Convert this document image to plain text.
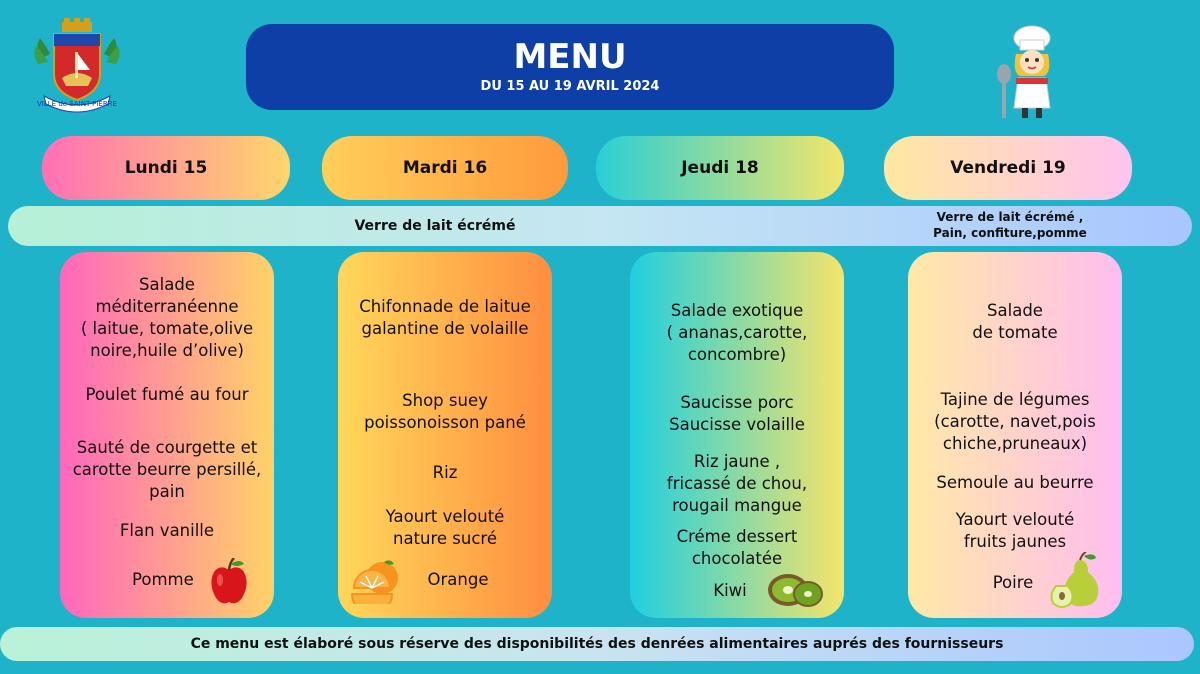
VILLE de SAINT-PIERRE
MENU
DU 15 AU 19 AVRIL 2024
Lundi 15	Mardi 16	Jeudi 18	Vendredi 19
Verre de lait écrémé
Verre de lait écrémé ,
Pain, confiture,pomme
Salade
méditerranéenne
( laitue, tomate,olive
noire,huile d’olive)
Poulet fumé au four
Sauté de courgette et
carotte beurre persillé,
pain
Flan vanille
Pomme
Chifonnade de laitue
galantine de volaille
Shop suey
poissonoisson pané
Riz
Yaourt velouté
nature sucré
Orange
Salade exotique
( ananas,carotte,
concombre)
Saucisse porc
Saucisse volaille
Riz jaune ,
fricassé de chou,
rougail mangue
Créme dessert
chocolatée
Kiwi
Salade
de tomate
Tajine de légumes
(carotte, navet,pois
chiche,pruneaux)
Semoule au beurre
Yaourt velouté
fruits jaunes
Poire
Ce menu est élaboré sous réserve des disponibilités des denrées alimentaires auprés des fournisseurs
